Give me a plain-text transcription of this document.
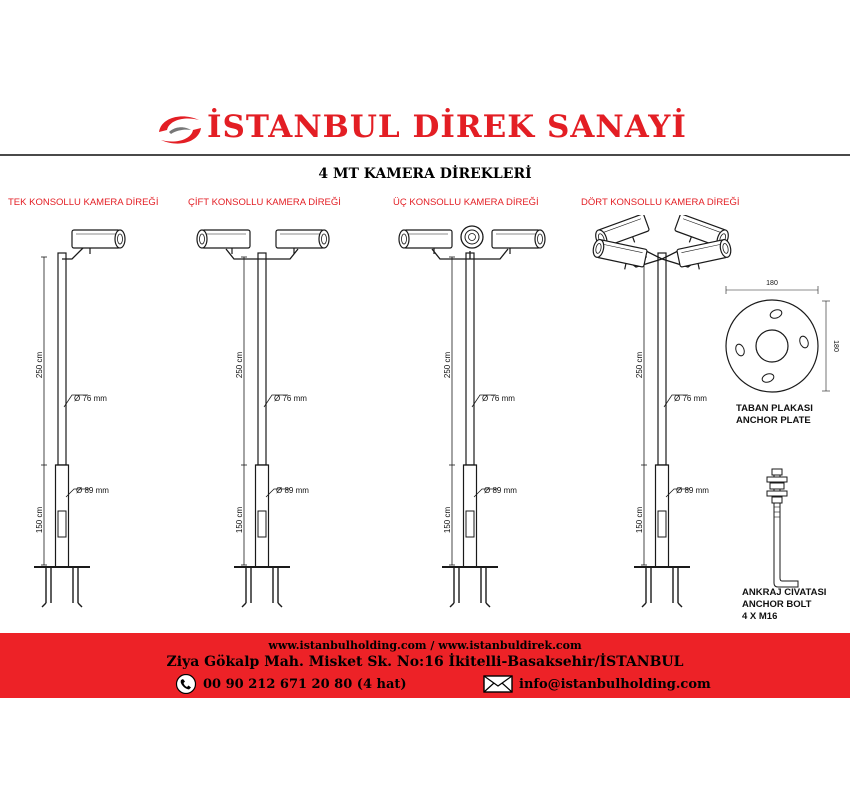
İSTANBUL DİREK SANAYİ
4 MT KAMERA DİREKLERİ
TEK KONSOLLU KAMERA DİREĞİ	ÇİFT KONSOLLU KAMERA DİREĞİ	ÜÇ KONSOLLU KAMERA DİREĞİ	DÖRT KONSOLLU KAMERA DİREĞİ
250 cm
150 cm
Ø 76 mm
Ø 89 mm
250 cm
150 cm
Ø 76 mm
Ø 89 mm
250 cm
150 cm
Ø 76 mm
Ø 89 mm
250 cm
150 cm
Ø 76 mm
Ø 89 mm
180
180
TABAN PLAKASI
ANCHOR PLATE
ANKRAJ CIVATASI
ANCHOR BOLT
4 X M16
www.istanbulholding.com / www.istanbuldirek.com
Ziya Gökalp Mah. Misket Sk. No:16 İkitelli-Basaksehir/İSTANBUL
00 90 212 671 20 80 (4 hat)	info@istanbulholding.com
